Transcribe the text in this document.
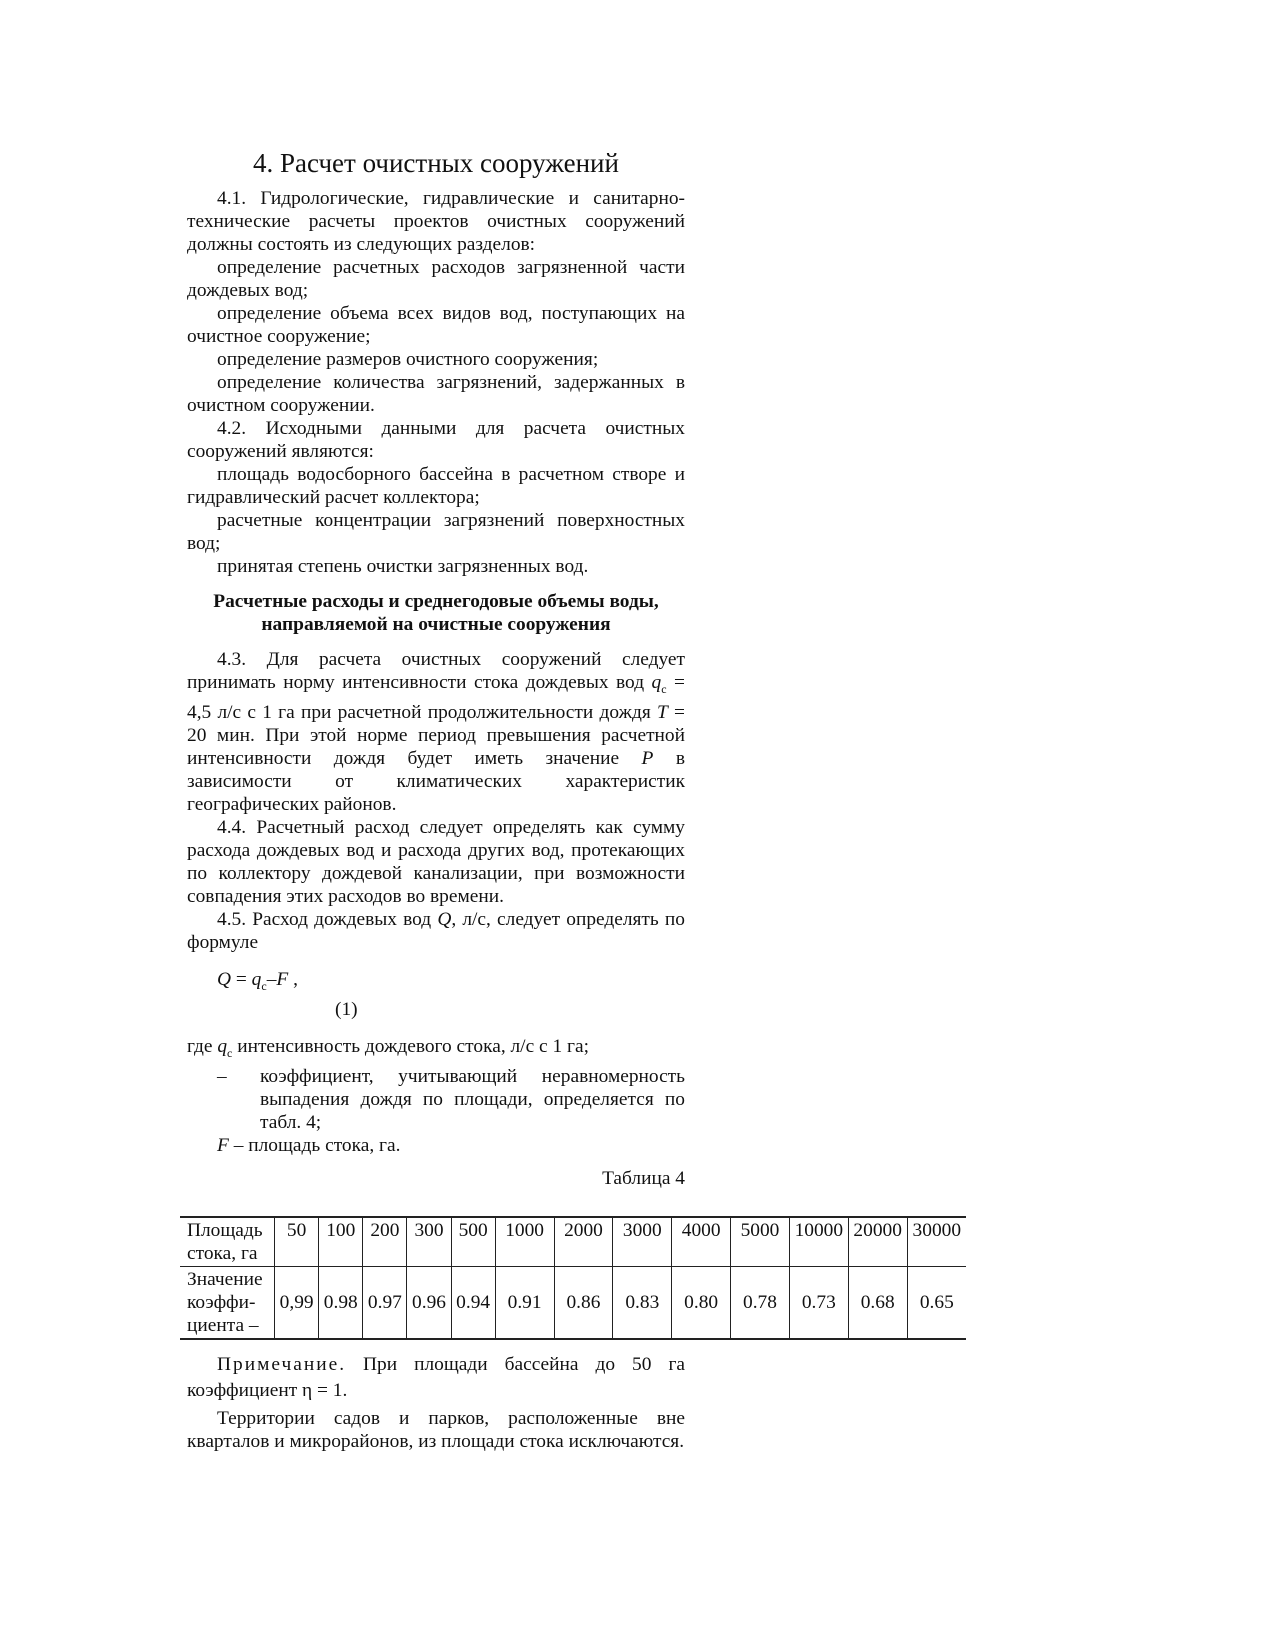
4. Расчет очистных сооружений

4.1. Гидрологические, гидравлические и санитарно-технические расчеты проектов очистных сооружений должны состоять из следующих разделов:

определение расчетных расходов загрязненной части дождевых вод;

определение объема всех видов вод, поступающих на очистное сооружение;

определение размеров очистного сооружения;

определение количества загрязнений, задержанных в очистном сооружении.

4.2. Исходными данными для расчета очистных сооружений являются:

площадь водосборного бассейна в расчетном створе и гидравлический расчет коллектора;

расчетные концентрации загрязнений поверхностных вод;

принятая степень очистки загрязненных вод.

Расчетные расходы и среднегодовые объемы воды,
направляемой на очистные сооружения

4.3. Для расчета очистных сооружений следует принимать норму интенсивности стока дождевых вод $q_c = 4,5$ л/с с 1 га при расчетной продолжительности дождя T = 20 мин. При этой норме период превышения расчетной интенсивности дождя будет иметь значение P в зависимости от климатических характеристик географических районов.

4.4. Расчетный расход следует определять как сумму расхода дождевых вод и расхода других вод, протекающих по коллектору дождевой канализации, при возможности совпадения этих расходов во времени.

4.5. Расход дождевых вод Q, л/с, следует определять по формуле

$Q = q_c-F$ ,

(1)

где $q_c$ интенсивность дождевого стока, л/с с 1 га;

– коэффициент, учитывающий неравномерность выпадения дождя по площади, определяется по табл. 4;

F – площадь стока, га.

Таблица 4

Площадь
стока, га	50	100	200	300	500	1000	2000	3000	4000	5000	10000	20000	30000
Значение
коэффи-
циента –	0,99	0.98	0.97	0.96	0.94	0.91	0.86	0.83	0.80	0.78	0.73	0.68	0.65

Примечание. При площади бассейна до 50 га коэффициент η = 1.

Территории садов и парков, расположенные вне кварталов и микрорайонов, из площади стока исключаются.
